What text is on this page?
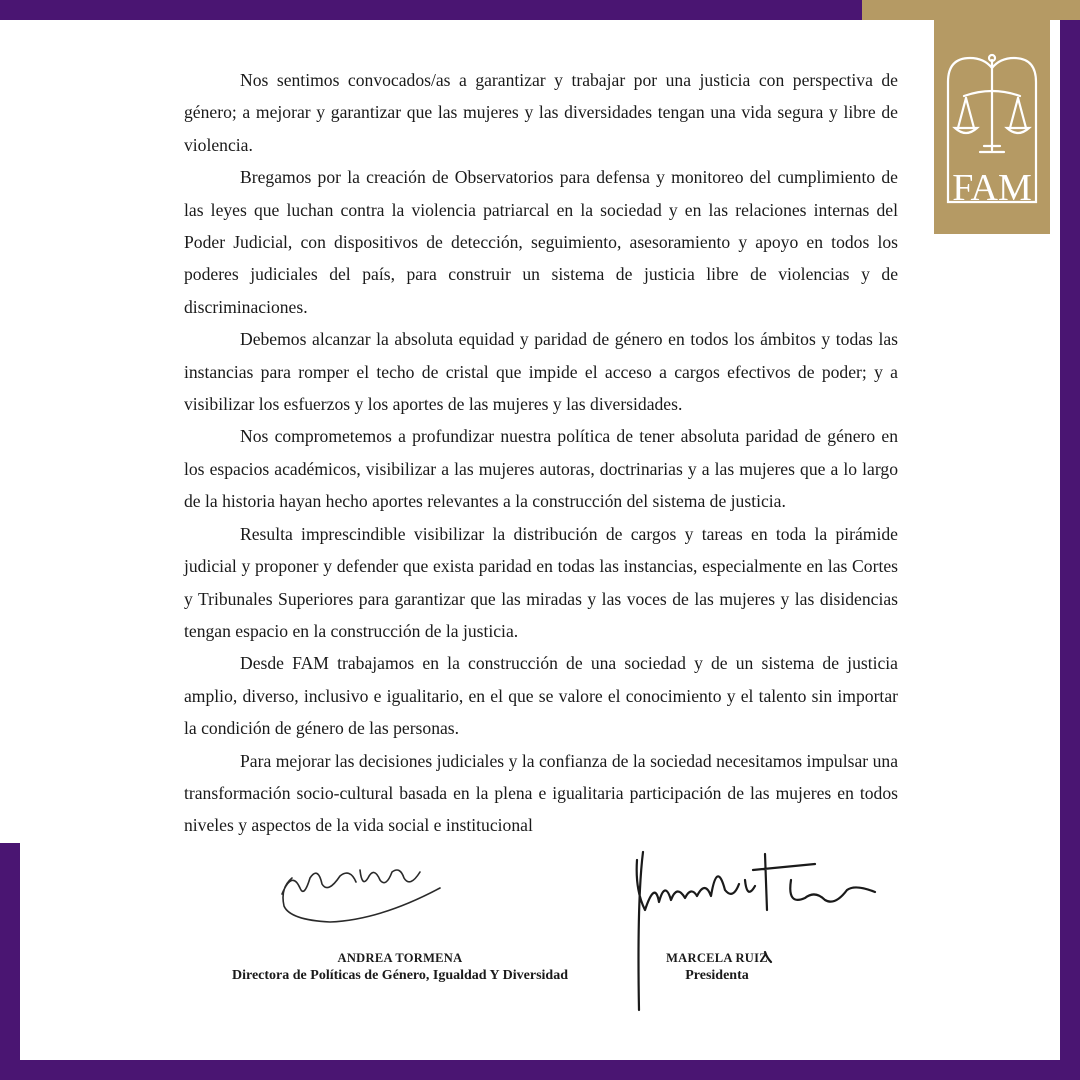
FAM

Nos sentimos convocados/as a garantizar y trabajar por una justicia con perspectiva de género; a mejorar y garantizar que las mujeres y las diversidades tengan una vida segura y libre de violencia.

Bregamos por la creación de Observatorios para defensa y monitoreo del cumplimiento de las leyes que luchan contra la violencia patriarcal en la sociedad y en las relaciones internas del Poder Judicial, con dispositivos de detección, seguimiento, asesoramiento y apoyo en todos los poderes judiciales del país, para construir un sistema de justicia libre de violencias y de discriminaciones.

Debemos alcanzar la absoluta equidad y paridad de género en todos los ámbitos y todas las instancias para romper el techo de cristal que impide el acceso a cargos efectivos de poder; y a visibilizar los esfuerzos y los aportes de las mujeres y las diversidades.

Nos comprometemos a profundizar nuestra política de tener absoluta paridad de género en los espacios académicos, visibilizar a las mujeres autoras, doctrinarias y a las mujeres que a lo largo de la historia hayan hecho aportes relevantes a la construcción del sistema de justicia.

Resulta imprescindible visibilizar la distribución de cargos y tareas en toda la pirámide judicial y proponer y defender que exista paridad en todas las instancias, especialmente en las Cortes y Tribunales Superiores para garantizar que las miradas y las voces de las mujeres y las disidencias tengan espacio en la construcción de la justicia.

Desde FAM trabajamos en la construcción de una sociedad y de un sistema de justicia amplio, diverso, inclusivo e igualitario, en el que se valore el conocimiento y el talento sin importar la condición de género de las personas.

Para mejorar las decisiones judiciales y la confianza de la sociedad necesitamos impulsar una transformación socio-cultural basada en la plena e igualitaria participación de las mujeres en todos niveles y aspectos de la vida social e institucional

ANDREA TORMENA
Directora de Políticas de Género, Igualdad Y Diversidad
MARCELA RUIZ
Presidenta
